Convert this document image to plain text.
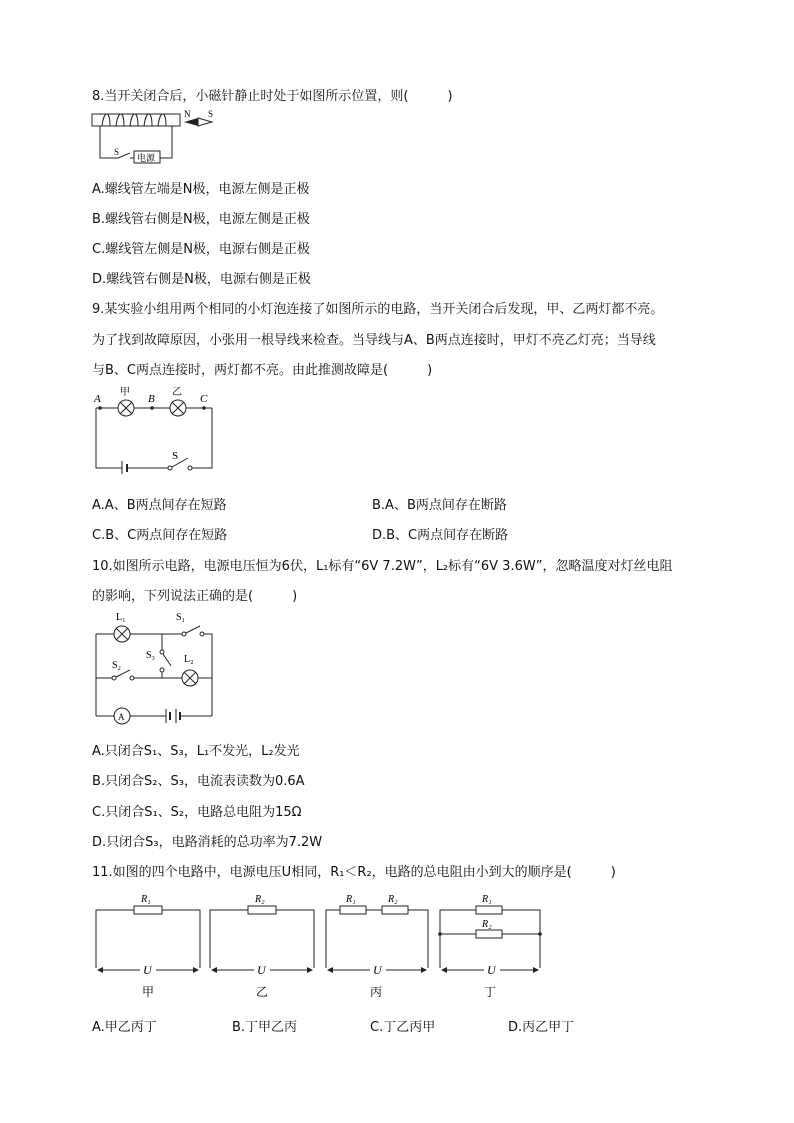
8.当开关闭合后，小磁针静止时处于如图所示位置，则(　　　)
N S
S
电源
A.螺线管左端是N极，电源左侧是正极
B.螺线管右侧是N极，电源左侧是正极
C.螺线管左侧是N极，电源右侧是正极
D.螺线管右侧是N极，电源右侧是正极
9.某实验小组用两个相同的小灯泡连接了如图所示的电路，当开关闭合后发现，甲、乙两灯都不亮。
为了找到故障原因，小张用一根导线来检查。当导线与A、B两点连接时，甲灯不亮乙灯亮；当导线
与B、C两点连接时，两灯都不亮。由此推测故障是(　　　)
A	B	C
甲	乙
S
A.A、B两点间存在短路	B.A、B两点间存在断路
C.B、C两点间存在短路	D.B、C两点间存在断路
10.如图所示电路，电源电压恒为6伏，L₁标有“6V 7.2W”，L₂标有“6V 3.6W”，忽略温度对灯丝电阻
的影响，下列说法正确的是(　　　)
L₁
L₂
S₁
S₂
S₃
A
A.只闭合S₁、S₃，L₁不发光，L₂发光
B.只闭合S₂、S₃，电流表读数为0.6A
C.只闭合S₁、S₂，电路总电阻为15Ω
D.只闭合S₃，电路消耗的总功率为7.2W
11.如图的四个电路中，电源电压U相同，R₁＜R₂，电路的总电阻由小到大的顺序是(　　　)
R₁
U
甲
R₂
U
乙
R₁	R₂
U
丙
R₁
R₂
U
丁
A.甲乙丙丁	B.丁甲乙丙	C.丁乙丙甲	D.丙乙甲丁
